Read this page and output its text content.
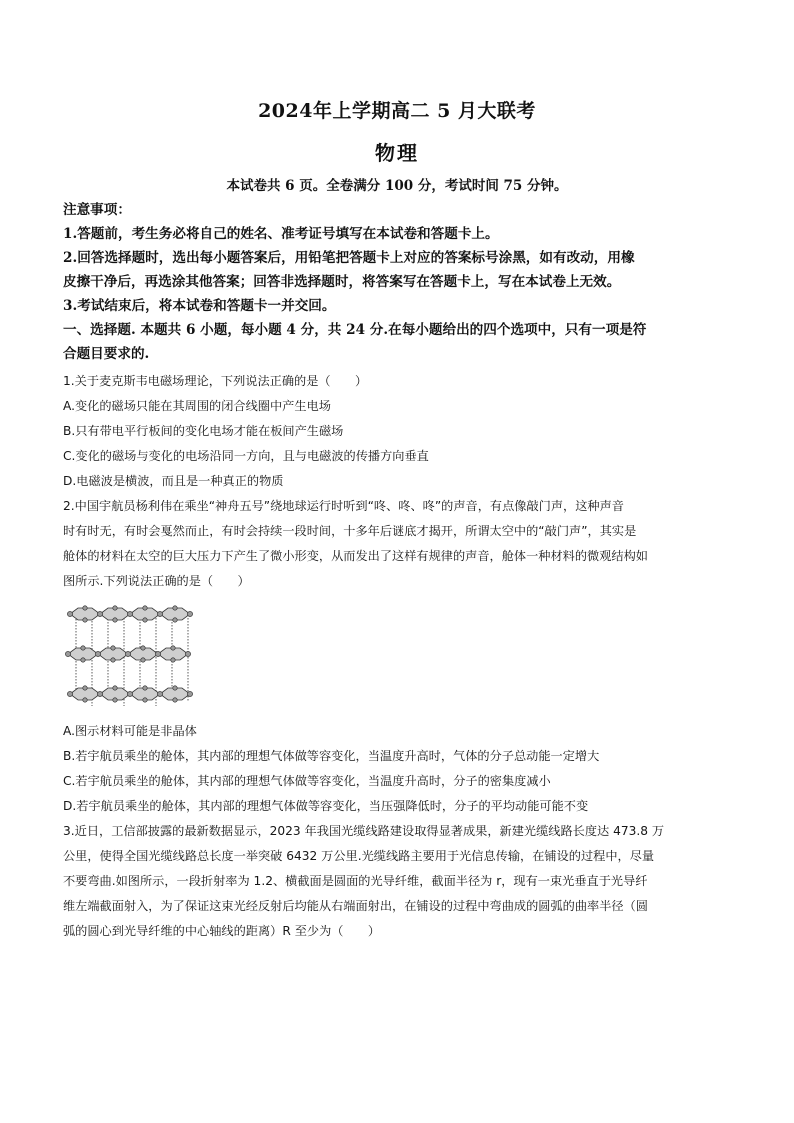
2024年上学期高二 5 月大联考
物理
本试卷共 6 页。全卷满分 100 分，考试时间 75 分钟。
注意事项：
1.答题前，考生务必将自己的姓名、准考证号填写在本试卷和答题卡上。
2.回答选择题时，选出每小题答案后，用铅笔把答题卡上对应的答案标号涂黑，如有改动，用橡
皮擦干净后，再选涂其他答案；回答非选择题时，将答案写在答题卡上，写在本试卷上无效。
3.考试结束后，将本试卷和答题卡一并交回。
一、选择题. 本题共 6 小题，每小题 4 分，共 24 分.在每小题给出的四个选项中，只有一项是符
合题目要求的.
1.关于麦克斯韦电磁场理论，下列说法正确的是（　　）
A.变化的磁场只能在其周围的闭合线圈中产生电场
B.只有带电平行板间的变化电场才能在板间产生磁场
C.变化的磁场与变化的电场沿同一方向，且与电磁波的传播方向垂直
D.电磁波是横波，而且是一种真正的物质
2.中国宇航员杨利伟在乘坐“神舟五号”绕地球运行时听到“咚、咚、咚”的声音，有点像敲门声，这种声音
时有时无，有时会戛然而止，有时会持续一段时间，十多年后谜底才揭开，所谓太空中的“敲门声”，其实是
舱体的材料在太空的巨大压力下产生了微小形变，从而发出了这样有规律的声音，舱体一种材料的微观结构如
图所示.下列说法正确的是（　　）
A.图示材料可能是非晶体
B.若宇航员乘坐的舱体，其内部的理想气体做等容变化，当温度升高时，气体的分子总动能一定增大
C.若宇航员乘坐的舱体，其内部的理想气体做等容变化，当温度升高时，分子的密集度减小
D.若宇航员乘坐的舱体，其内部的理想气体做等容变化，当压强降低时，分子的平均动能可能不变
3.近日，工信部披露的最新数据显示，2023 年我国光缆线路建设取得显著成果，新建光缆线路长度达 473.8 万
公里，使得全国光缆线路总长度一举突破 6432 万公里.光缆线路主要用于光信息传输，在铺设的过程中，尽量
不要弯曲.如图所示，一段折射率为 1.2、横截面是圆面的光导纤维，截面半径为 r，现有一束光垂直于光导纤
维左端截面射入，为了保证这束光经反射后均能从右端面射出，在铺设的过程中弯曲成的圆弧的曲率半径（圆
弧的圆心到光导纤维的中心轴线的距离）R 至少为（　　）
